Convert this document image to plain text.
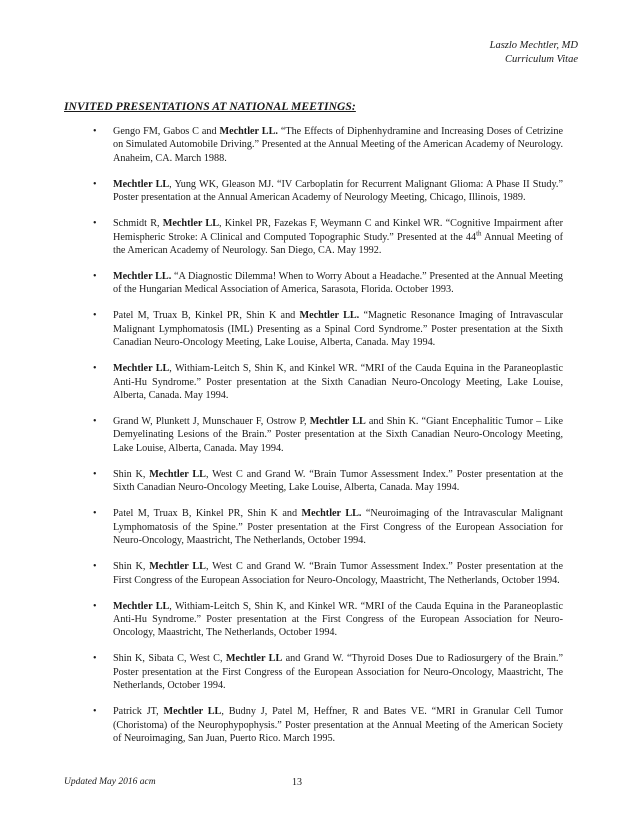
Laszlo Mechtler, MD
Curriculum Vitae
INVITED PRESENTATIONS AT NATIONAL MEETINGS:
• Gengo FM, Gabos C and Mechtler LL. “The Effects of Diphenhydramine and Increasing Doses of Cetrizine on Simulated Automobile Driving.” Presented at the Annual Meeting of the American Academy of Neurology. Anaheim, CA. March 1988.
• Mechtler LL, Yung WK, Gleason MJ. “IV Carboplatin for Recurrent Malignant Glioma: A Phase II Study.” Poster presentation at the Annual American Academy of Neurology Meeting, Chicago, Illinois, 1989.
• Schmidt R, Mechtler LL, Kinkel PR, Fazekas F, Weymann C and Kinkel WR. “Cognitive Impairment after Hemispheric Stroke: A Clinical and Computed Topographic Study.” Presented at the 44th Annual Meeting of the American Academy of Neurology. San Diego, CA. May 1992.
• Mechtler LL. “A Diagnostic Dilemma! When to Worry About a Headache.” Presented at the Annual Meeting of the Hungarian Medical Association of America, Sarasota, Florida. October 1993.
• Patel M, Truax B, Kinkel PR, Shin K and Mechtler LL. “Magnetic Resonance Imaging of Intravascular Malignant Lymphomatosis (IML) Presenting as a Spinal Cord Syndrome.” Poster presentation at the Sixth Canadian Neuro-Oncology Meeting, Lake Louise, Alberta, Canada. May 1994.
• Mechtler LL, Withiam-Leitch S, Shin K, and Kinkel WR. “MRI of the Cauda Equina in the Paraneoplastic Anti-Hu Syndrome.” Poster presentation at the Sixth Canadian Neuro-Oncology Meeting, Lake Louise, Alberta, Canada. May 1994.
• Grand W, Plunkett J, Munschauer F, Ostrow P, Mechtler LL and Shin K. “Giant Encephalitic Tumor – Like Demyelinating Lesions of the Brain.” Poster presentation at the Sixth Canadian Neuro-Oncology Meeting, Lake Louise, Alberta, Canada. May 1994.
• Shin K, Mechtler LL, West C and Grand W. “Brain Tumor Assessment Index.” Poster presentation at the Sixth Canadian Neuro-Oncology Meeting, Lake Louise, Alberta, Canada. May 1994.
• Patel M, Truax B, Kinkel PR, Shin K and Mechtler LL. “Neuroimaging of the Intravascular Malignant Lymphomatosis of the Spine.” Poster presentation at the First Congress of the European Association for Neuro-Oncology, Maastricht, The Netherlands, October 1994.
• Shin K, Mechtler LL, West C and Grand W. “Brain Tumor Assessment Index.” Poster presentation at the First Congress of the European Association for Neuro-Oncology, Maastricht, The Netherlands, October 1994.
• Mechtler LL, Withiam-Leitch S, Shin K, and Kinkel WR. “MRI of the Cauda Equina in the Paraneoplastic Anti-Hu Syndrome.” Poster presentation at the First Congress of the European Association for Neuro-Oncology, Maastricht, The Netherlands, October 1994.
• Shin K, Sibata C, West C, Mechtler LL and Grand W. “Thyroid Doses Due to Radiosurgery of the Brain.” Poster presentation at the First Congress of the European Association for Neuro-Oncology, Maastricht, The Netherlands, October 1994.
• Patrick JT, Mechtler LL, Budny J, Patel M, Heffner, R and Bates VE. “MRI in Granular Cell Tumor (Choristoma) of the Neurophypophysis.” Poster presentation at the Annual Meeting of the American Society of Neuroimaging, San Juan, Puerto Rico. March 1995.
Updated May 2016 acm	13
